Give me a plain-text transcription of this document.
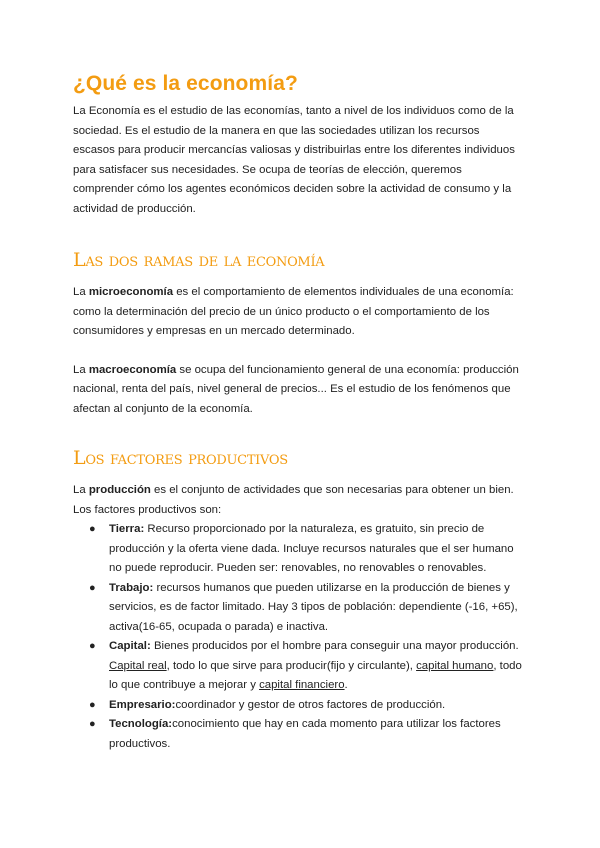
¿Qué es la economía?

La Economía es el estudio de las economías, tanto a nivel de los individuos como de la sociedad. Es el estudio de la manera en que las sociedades utilizan los recursos escasos para producir mercancías valiosas y distribuirlas entre los diferentes individuos para satisfacer sus necesidades. Se ocupa de teorías de elección, queremos comprender cómo los agentes económicos deciden sobre la actividad de consumo y la actividad de producción.

Las dos ramas de la economía

La microeconomía es el comportamiento de elementos individuales de una economía: como la determinación del precio de un único producto o el comportamiento de los consumidores y empresas en un mercado determinado.

La macroeconomía se ocupa del funcionamiento general de una economía: producción nacional, renta del país, nivel general de precios... Es el estudio de los fenómenos que afectan al conjunto de la economía.

Los factores productivos

La producción es el conjunto de actividades que son necesarias para obtener un bien. Los factores productivos son:

● Tierra: Recurso proporcionado por la naturaleza, es gratuito, sin precio de producción y la oferta viene dada. Incluye recursos naturales que el ser humano no puede reproducir. Pueden ser: renovables, no renovables o renovables.
● Trabajo: recursos humanos que pueden utilizarse en la producción de bienes y servicios, es de factor limitado. Hay 3 tipos de población: dependiente (-16, +65), activa(16-65, ocupada o parada) e inactiva.
● Capital: Bienes producidos por el hombre para conseguir una mayor producción. Capital real, todo lo que sirve para producir(fijo y circulante), capital humano, todo lo que contribuye a mejorar y capital financiero.
● Empresario:coordinador y gestor de otros factores de producción.
● Tecnología:conocimiento que hay en cada momento para utilizar los factores productivos.
